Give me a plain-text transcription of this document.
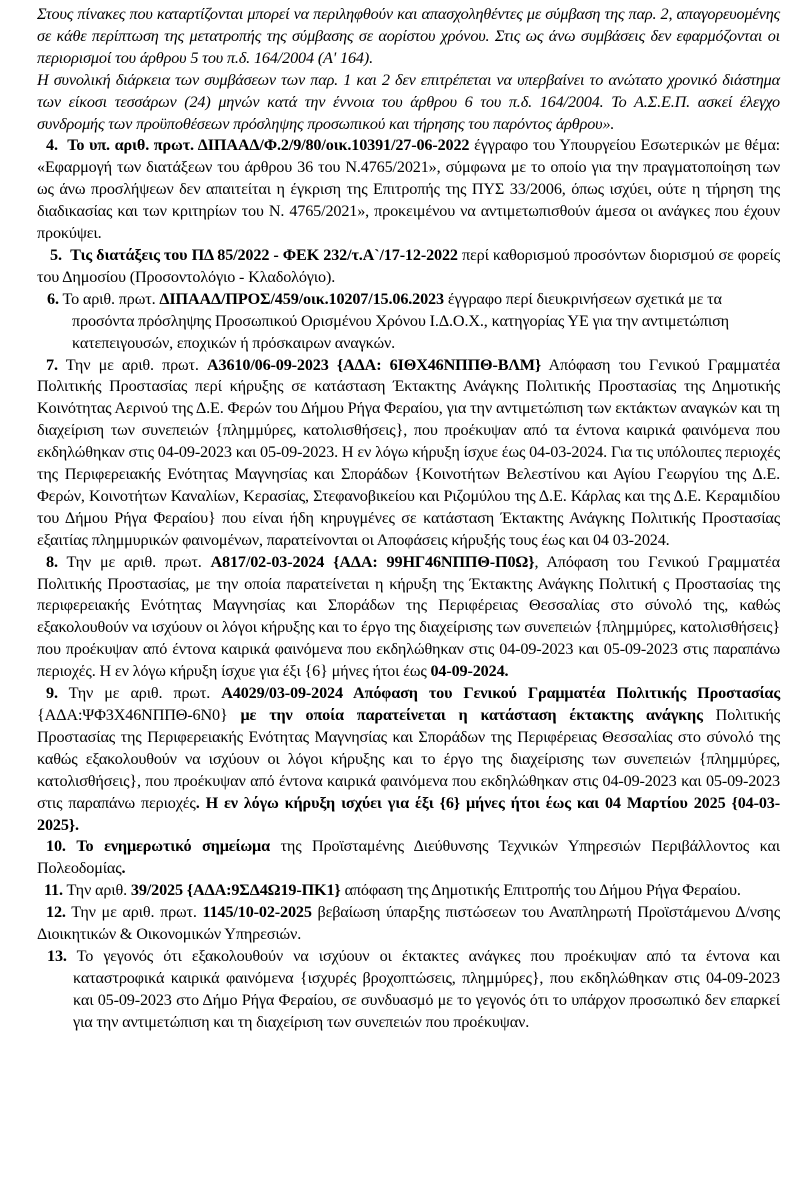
Στους πίνακες που καταρτίζονται μπορεί να περιληφθούν και απασχοληθέντες με σύμβαση της παρ. 2, απαγορευομένης σε κάθε περίπτωση της μετατροπής της σύμβασης σε αορίστου χρόνου. Στις ως άνω συμβάσεις δεν εφαρμόζονται οι περιορισμοί του άρθρου 5 του π.δ. 164/2004 (Α' 164).

Η συνολική διάρκεια των συμβάσεων των παρ. 1 και 2 δεν επιτρέπεται να υπερβαίνει το ανώτατο χρονικό διάστημα των είκοσι τεσσάρων (24) μηνών κατά την έννοια του άρθρου 6 του π.δ. 164/2004. Το Α.Σ.Ε.Π. ασκεί έλεγχο συνδρομής των προϋποθέσεων πρόσληψης προσωπικού και τήρησης του παρόντος άρθρου».

4. Το υπ. αριθ. πρωτ. ΔΙΠΑΑΔ/Φ.2/9/80/οικ.10391/27-06-2022 έγγραφο του Υπουργείου Εσωτερικών με θέμα: «Εφαρμογή των διατάξεων του άρθρου 36 του Ν.4765/2021», σύμφωνα με το οποίο για την πραγματοποίηση των ως άνω προσλήψεων δεν απαιτείται η έγκριση της Επιτροπής της ΠΥΣ 33/2006, όπως ισχύει, ούτε η τήρηση της διαδικασίας και των κριτηρίων του Ν. 4765/2021», προκειμένου να αντιμετωπισθούν άμεσα οι ανάγκες που έχουν προκύψει.

5. Τις διατάξεις του ΠΔ 85/2022 - ΦΕΚ 232/τ.Α`/17-12-2022 περί καθορισμού προσόντων διορισμού σε φορείς του Δημοσίου (Προσοντολόγιο - Κλαδολόγιο).

6. Το αριθ. πρωτ. ΔΙΠΑΑΔ/ΠΡΟΣ/459/οικ.10207/15.06.2023 έγγραφο περί διευκρινήσεων σχετικά με τα προσόντα πρόσληψης Προσωπικού Ορισμένου Χρόνου Ι.Δ.Ο.Χ., κατηγορίας ΥΕ για την αντιμετώπιση κατεπειγουσών, εποχικών ή πρόσκαιρων αναγκών.

7. Την με αριθ. πρωτ. Α3610/06-09-2023 {ΑΔΑ: 6ΙΘΧ46ΝΠΠΘ-ΒΛΜ} Απόφαση του Γενικού Γραμματέα Πολιτικής Προστασίας περί κήρυξης σε κατάσταση Έκτακτης Ανάγκης Πολιτικής Προστασίας της Δημοτικής Κοινότητας Αερινού της Δ.Ε. Φερών του Δήμου Ρήγα Φεραίου, για την αντιμετώπιση των εκτάκτων αναγκών και τη διαχείριση των συνεπειών {πλημμύρες, κατολισθήσεις}, που προέκυψαν από τα έντονα καιρικά φαινόμενα που εκδηλώθηκαν στις 04-09-2023 και 05-09-2023. Η εν λόγω κήρυξη ίσχυε έως 04-03-2024. Για τις υπόλοιπες περιοχές της Περιφερειακής Ενότητας Μαγνησίας και Σποράδων {Κοινοτήτων Βελεστίνου και Αγίου Γεωργίου της Δ.Ε. Φερών, Κοινοτήτων Καναλίων, Κερασίας, Στεφανοβικείου και Ριζομύλου της Δ.Ε. Κάρλας και της Δ.Ε. Κεραμιδίου του Δήμου Ρήγα Φεραίου} που είναι ήδη κηρυγμένες σε κατάσταση Έκτακτης Ανάγκης Πολιτικής Προστασίας εξαιτίας πλημμυρικών φαινομένων, παρατείνονται οι Αποφάσεις κήρυξής τους έως και 04 03-2024.

8. Την με αριθ. πρωτ. Α817/02-03-2024 {ΑΔΑ: 99ΗΓ46ΝΠΠΘ-Π0Ω}, Απόφαση του Γενικού Γραμματέα Πολιτικής Προστασίας, με την οποία παρατείνεται η κήρυξη της Έκτακτης Ανάγκης Πολιτική ς Προστασίας της περιφερειακής Ενότητας Μαγνησίας και Σποράδων της Περιφέρειας Θεσσαλίας στο σύνολό της, καθώς εξακολουθούν να ισχύουν οι λόγοι κήρυξης και το έργο της διαχείρισης των συνεπειών {πλημμύρες, κατολισθήσεις} που προέκυψαν από έντονα καιρικά φαινόμενα που εκδηλώθηκαν στις 04-09-2023 και 05-09-2023 στις παραπάνω περιοχές. Η εν λόγω κήρυξη ίσχυε για έξι {6} μήνες ήτοι έως 04-09-2024.

9. Την με αριθ. πρωτ. Α4029/03-09-2024 Απόφαση του Γενικού Γραμματέα Πολιτικής Προστασίας {ΑΔΑ:ΨΦ3Χ46ΝΠΠΘ-6Ν0} με την οποία παρατείνεται η κατάσταση έκτακτης ανάγκης Πολιτικής Προστασίας της Περιφερειακής Ενότητας Μαγνησίας και Σποράδων της Περιφέρειας Θεσσαλίας στο σύνολό της καθώς εξακολουθούν να ισχύουν οι λόγοι κήρυξης και το έργο της διαχείρισης των συνεπειών {πλημμύρες, κατολισθήσεις}, που προέκυψαν από έντονα καιρικά φαινόμενα που εκδηλώθηκαν στις 04-09-2023 και 05-09-2023 στις παραπάνω περιοχές. Η εν λόγω κήρυξη ισχύει για έξι {6} μήνες ήτοι έως και 04 Μαρτίου 2025 {04-03-2025}.

10. Το ενημερωτικό σημείωμα της Προϊσταμένης Διεύθυνσης Τεχνικών Υπηρεσιών Περιβάλλοντος και Πολεοδομίας.

11. Την αριθ. 39/2025 {ΑΔΑ:9ΣΔ4Ω19-ΠΚ1} απόφαση της Δημοτικής Επιτροπής του Δήμου Ρήγα Φεραίου.

12. Την με αριθ. πρωτ. 1145/10-02-2025 βεβαίωση ύπαρξης πιστώσεων του Αναπληρωτή Προϊστάμενου Δ/νσης Διοικητικών & Οικονομικών Υπηρεσιών.

13. Το γεγονός ότι εξακολουθούν να ισχύουν οι έκτακτες ανάγκες που προέκυψαν από τα έντονα και καταστροφικά καιρικά φαινόμενα {ισχυρές βροχοπτώσεις, πλημμύρες}, που εκδηλώθηκαν στις 04-09-2023 και 05-09-2023 στο Δήμο Ρήγα Φεραίου, σε συνδυασμό με το γεγονός ότι το υπάρχον προσωπικό δεν επαρκεί για την αντιμετώπιση και τη διαχείριση των συνεπειών που προέκυψαν.
